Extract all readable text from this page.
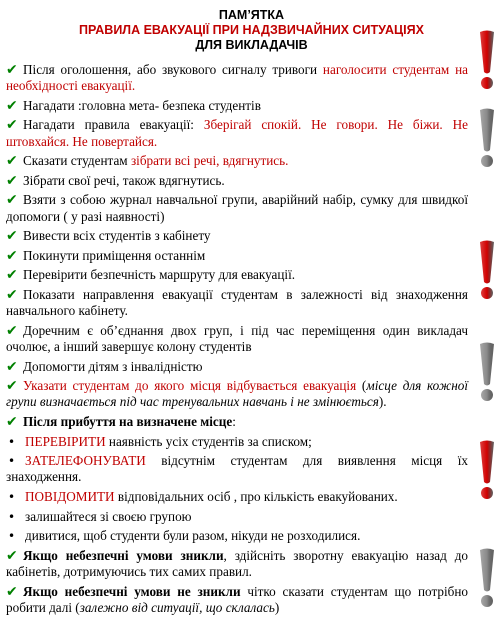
ПАМ’ЯТКА
ПРАВИЛА ЕВАКУАЦІЇ ПРИ НАДЗВИЧАЙНИХ СИТУАЦІЯХ
ДЛЯ ВИКЛАДАЧІВ
✔ Після оголошення, або звукового сигналу тривоги наголосити студентам на необхідності евакуації.
✔ Нагадати :головна мета- безпека студентів
✔ Нагадати правила евакуації: Зберігай спокій. Не говори. Не біжи. Не штовхайся. Не повертайся.
✔ Сказати студентам зібрати всі речі, вдягнутись.
✔ Зібрати свої речі, також вдягнутись.
✔ Взяти з собою журнал навчальної групи, аварійний набір, сумку для швидкої допомоги ( у разі наявності)
✔ Вивести всіх студентів з кабінету
✔ Покинути приміщення останнім
✔ Перевірити безпечність маршруту для евакуації.
✔ Показати направлення евакуації студентам в залежності від знаходження навчального кабінету.
✔ Доречним є об’єднання двох груп, і під час переміщення один викладач очолює, а інший завершує колону студентів
✔ Допомогти дітям з інвалідністю
✔ Указати студентам до якого місця відбувається евакуація (місце для кожної групи визначається під час тренувальних навчань і не змінюється).
✔ Після прибуття на визначене місце:
• ПЕРЕВІРИТИ наявність усіх студентів за списком;
• ЗАТЕЛЕФОНУВАТИ відсутнім студентам для виявлення місця їх знаходження.
• ПОВІДОМИТИ відповідальних осіб , про кількість евакуйованих.
• залишайтеся зі своєю групою
• дивитися, щоб студенти були разом, нікуди не розходилися.
✔ Якщо небезпечні умови зникли, здійсніть зворотну евакуацію назад до кабінетів, дотримуючись тих самих правил.
✔ Якщо небезпечні умови не зникли чітко сказати студентам що потрібно робити далі (залежно від ситуації, що склалась)
